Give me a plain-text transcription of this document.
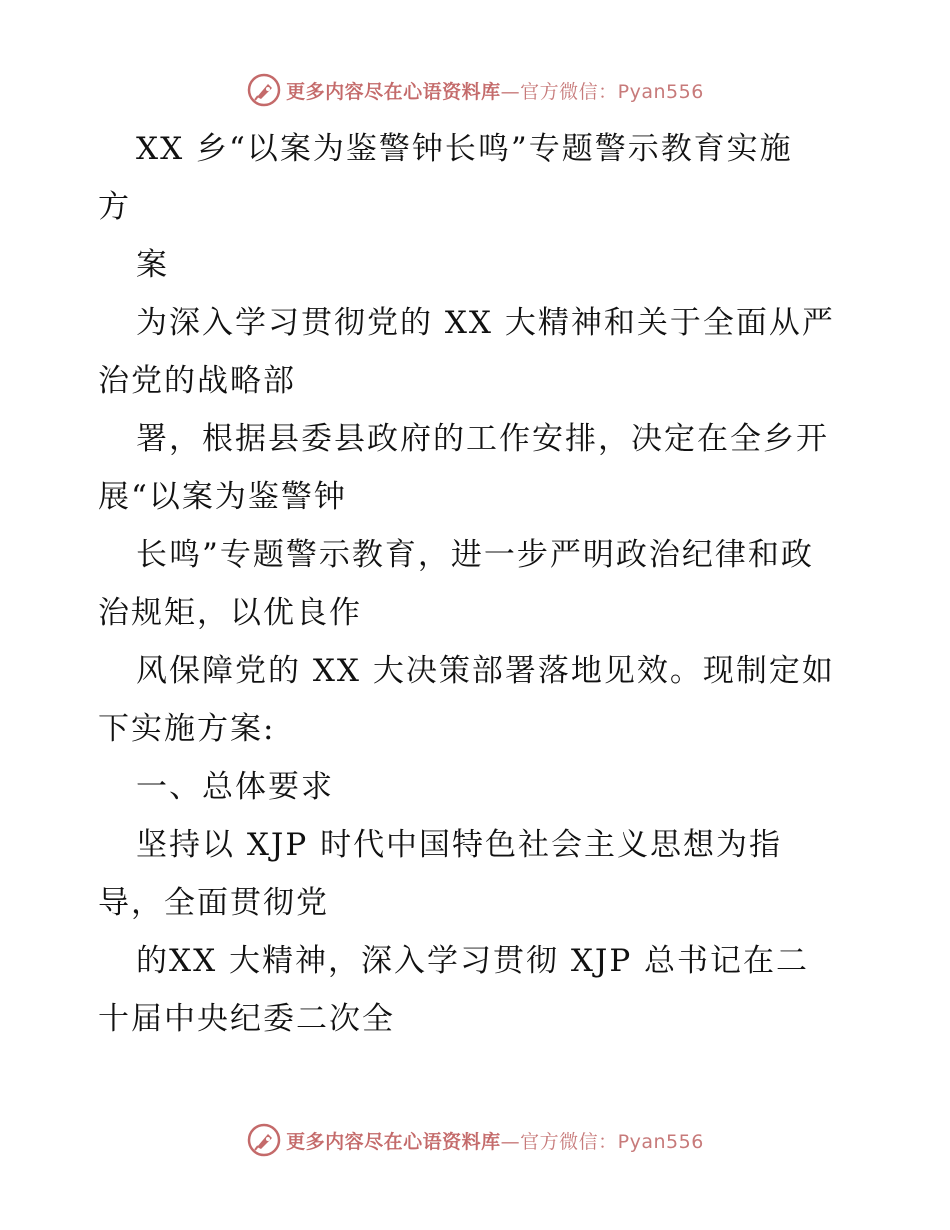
更多内容尽在心语资料库—官方微信：Pyan556
XX 乡“以案为鉴警钟长鸣”专题警示教育实施
方
案
为深入学习贯彻党的 XX 大精神和关于全面从严
治党的战略部
署，根据县委县政府的工作安排，决定在全乡开
展“以案为鉴警钟
长鸣”专题警示教育，进一步严明政治纪律和政
治规矩，以优良作
风保障党的 XX 大决策部署落地见效。现制定如
下实施方案:
一、总体要求
坚持以 XJP 时代中国特色社会主义思想为指
导，全面贯彻党
的XX 大精神，深入学习贯彻 XJP 总书记在二
十届中央纪委二次全
更多内容尽在心语资料库—官方微信：Pyan556
